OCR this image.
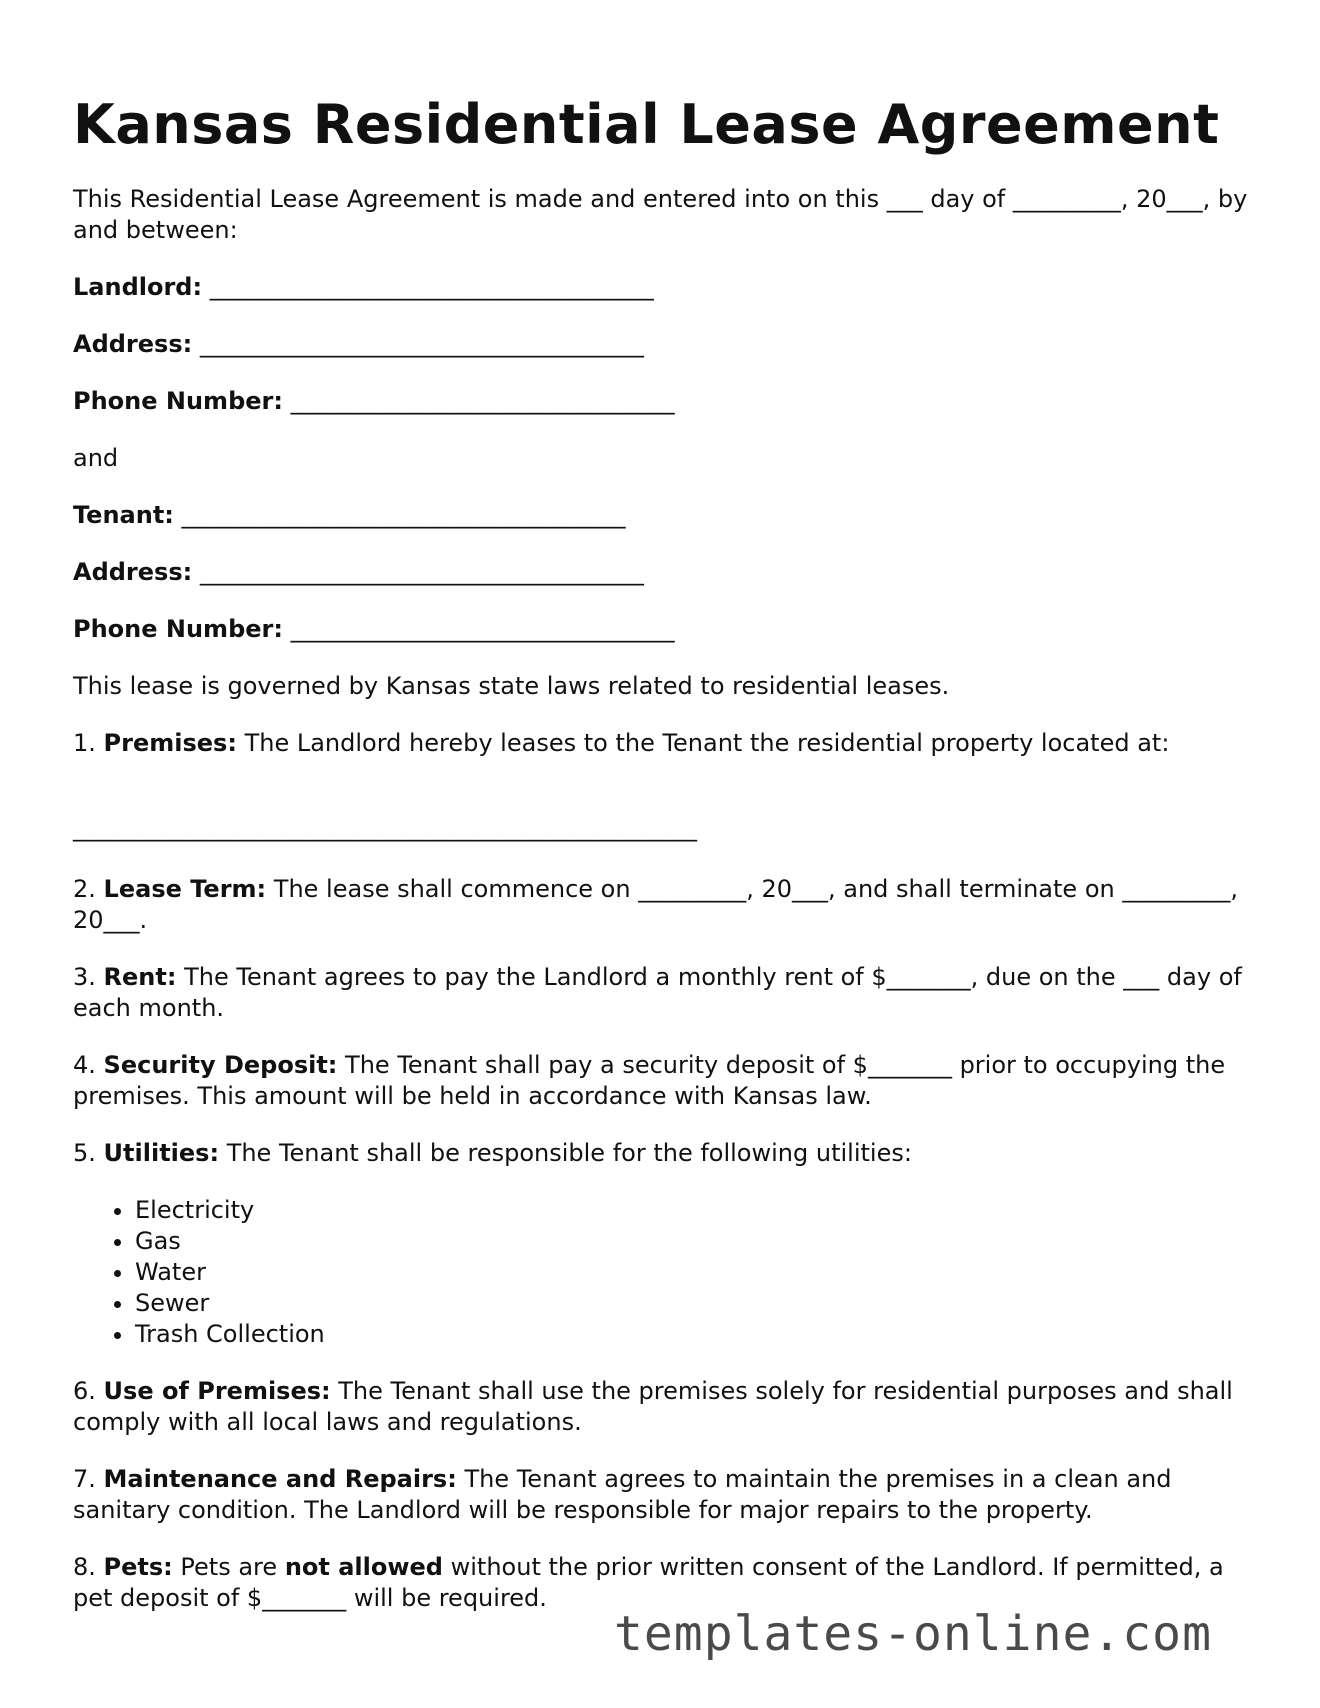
Kansas Residential Lease Agreement

This Residential Lease Agreement is made and entered into on this ___ day of _________, 20___, by and between:

Landlord: _____________________________________

Address: _____________________________________

Phone Number: ________________________________

and

Tenant: _____________________________________

Address: _____________________________________

Phone Number: ________________________________

This lease is governed by Kansas state laws related to residential leases.

1. Premises: The Landlord hereby leases to the Tenant the residential property located at:

____________________________________________________

2. Lease Term: The lease shall commence on _________, 20___, and shall terminate on _________, 20___.

3. Rent: The Tenant agrees to pay the Landlord a monthly rent of $_______, due on the ___ day of each month.

4. Security Deposit: The Tenant shall pay a security deposit of $_______ prior to occupying the premises. This amount will be held in accordance with Kansas law.

5. Utilities: The Tenant shall be responsible for the following utilities:

• Electricity
• Gas
• Water
• Sewer
• Trash Collection

6. Use of Premises: The Tenant shall use the premises solely for residential purposes and shall comply with all local laws and regulations.

7. Maintenance and Repairs: The Tenant agrees to maintain the premises in a clean and sanitary condition. The Landlord will be responsible for major repairs to the property.

8. Pets: Pets are not allowed without the prior written consent of the Landlord. If permitted, a pet deposit of $_______ will be required.

templates-online.com
